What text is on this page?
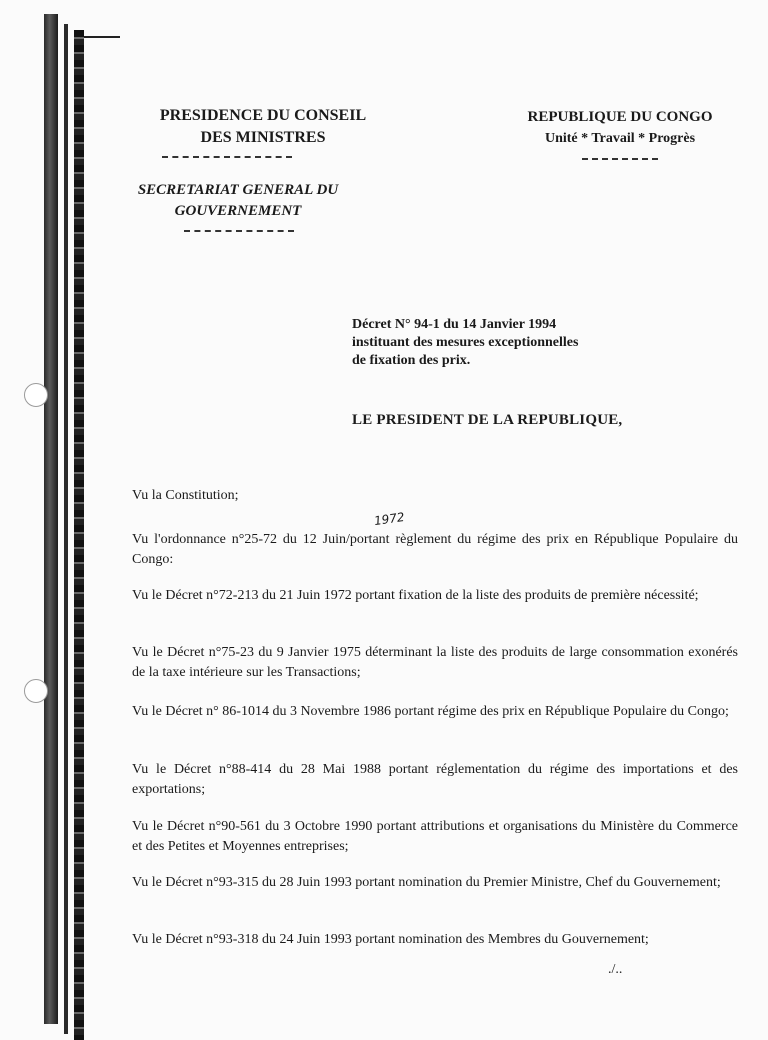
PRESIDENCE DU CONSEIL
DES MINISTRES
SECRETARIAT GENERAL DU
GOUVERNEMENT
REPUBLIQUE DU CONGO
Unité * Travail * Progrès
Décret N° 94-1 du 14 Janvier 1994
instituant des mesures exceptionnelles
de fixation des prix.
LE PRESIDENT DE LA REPUBLIQUE,
1972
Vu la Constitution;
Vu l'ordonnance n°25-72 du 12 Juin/portant règlement du régime des prix en République Populaire du Congo:
Vu le Décret n°72-213 du 21 Juin 1972 portant fixation de la liste des produits de première nécessité;
Vu le Décret n°75-23 du 9 Janvier 1975 déterminant la liste des produits de large consommation exonérés de la taxe intérieure sur les Transactions;
Vu le Décret n° 86-1014 du 3 Novembre 1986 portant régime des prix en République Populaire du Congo;
Vu le Décret n°88-414 du 28 Mai 1988 portant réglementation du régime des importations et des exportations;
Vu le Décret n°90-561 du 3 Octobre 1990 portant attributions et organisations du Ministère du Commerce et des Petites et Moyennes entreprises;
Vu le Décret n°93-315 du 28 Juin 1993 portant nomination du Premier Ministre, Chef du Gouvernement;
Vu le Décret n°93-318 du 24 Juin 1993 portant nomination des Membres du Gouvernement;
./..
